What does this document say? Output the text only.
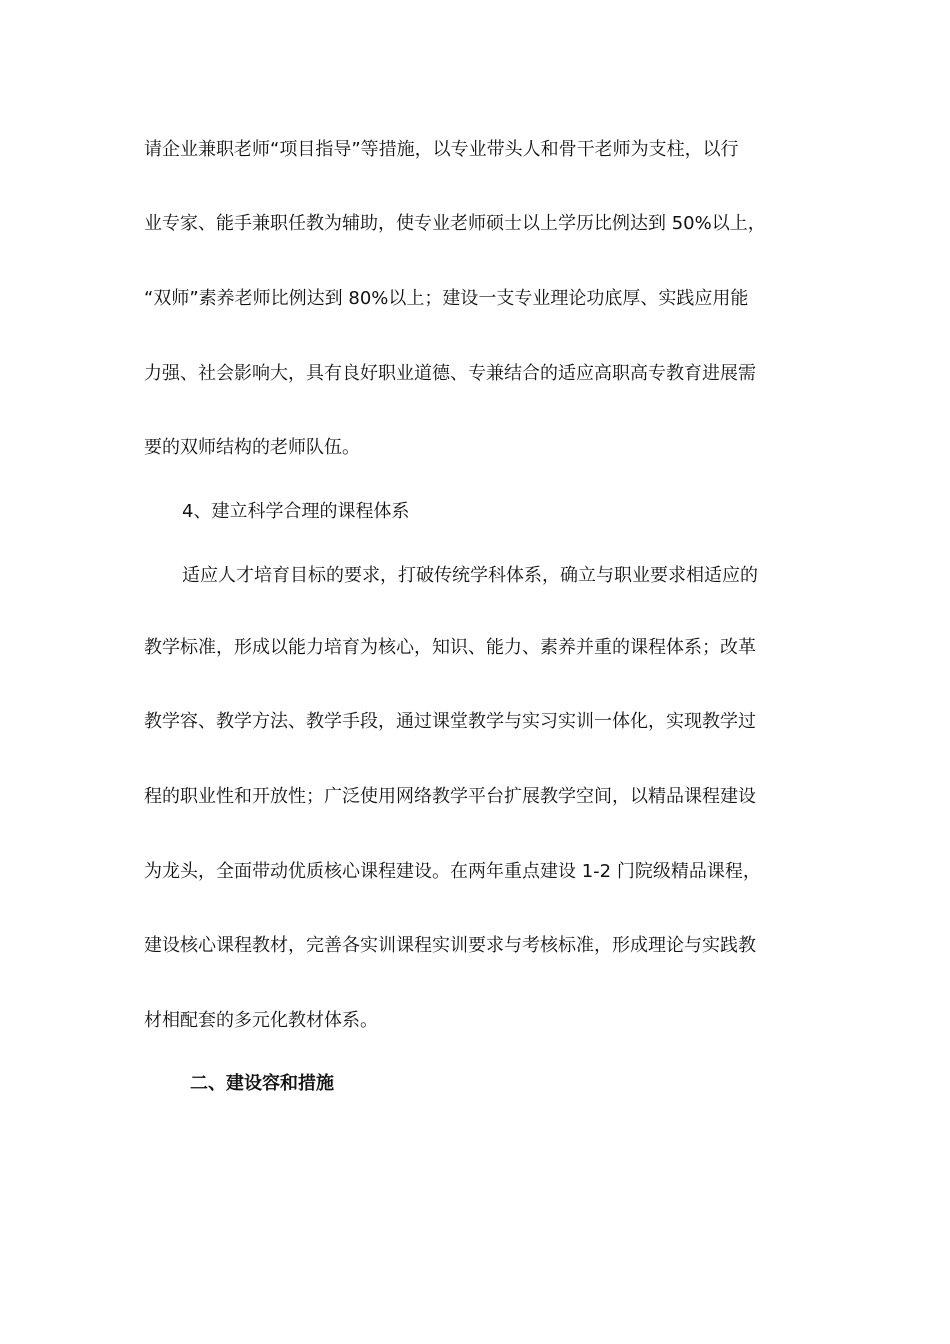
请企业兼职老师“项目指导”等措施，以专业带头人和骨干老师为支柱，以行
业专家、能手兼职任教为辅助，使专业老师硕士以上学历比例达到 50%以上，
“双师”素养老师比例达到 80%以上；建设一支专业理论功底厚、实践应用能
力强、社会影响大，具有良好职业道德、专兼结合的适应高职高专教育进展需
要的双师结构的老师队伍。
4、建立科学合理的课程体系
适应人才培育目标的要求，打破传统学科体系，确立与职业要求相适应的
教学标准，形成以能力培育为核心，知识、能力、素养并重的课程体系；改革
教学容、教学方法、教学手段，通过课堂教学与实习实训一体化，实现教学过
程的职业性和开放性；广泛使用网络教学平台扩展教学空间，以精品课程建设
为龙头，全面带动优质核心课程建设。在两年重点建设 1-2 门院级精品课程，
建设核心课程教材，完善各实训课程实训要求与考核标准，形成理论与实践教
材相配套的多元化教材体系。
二、建设容和措施
